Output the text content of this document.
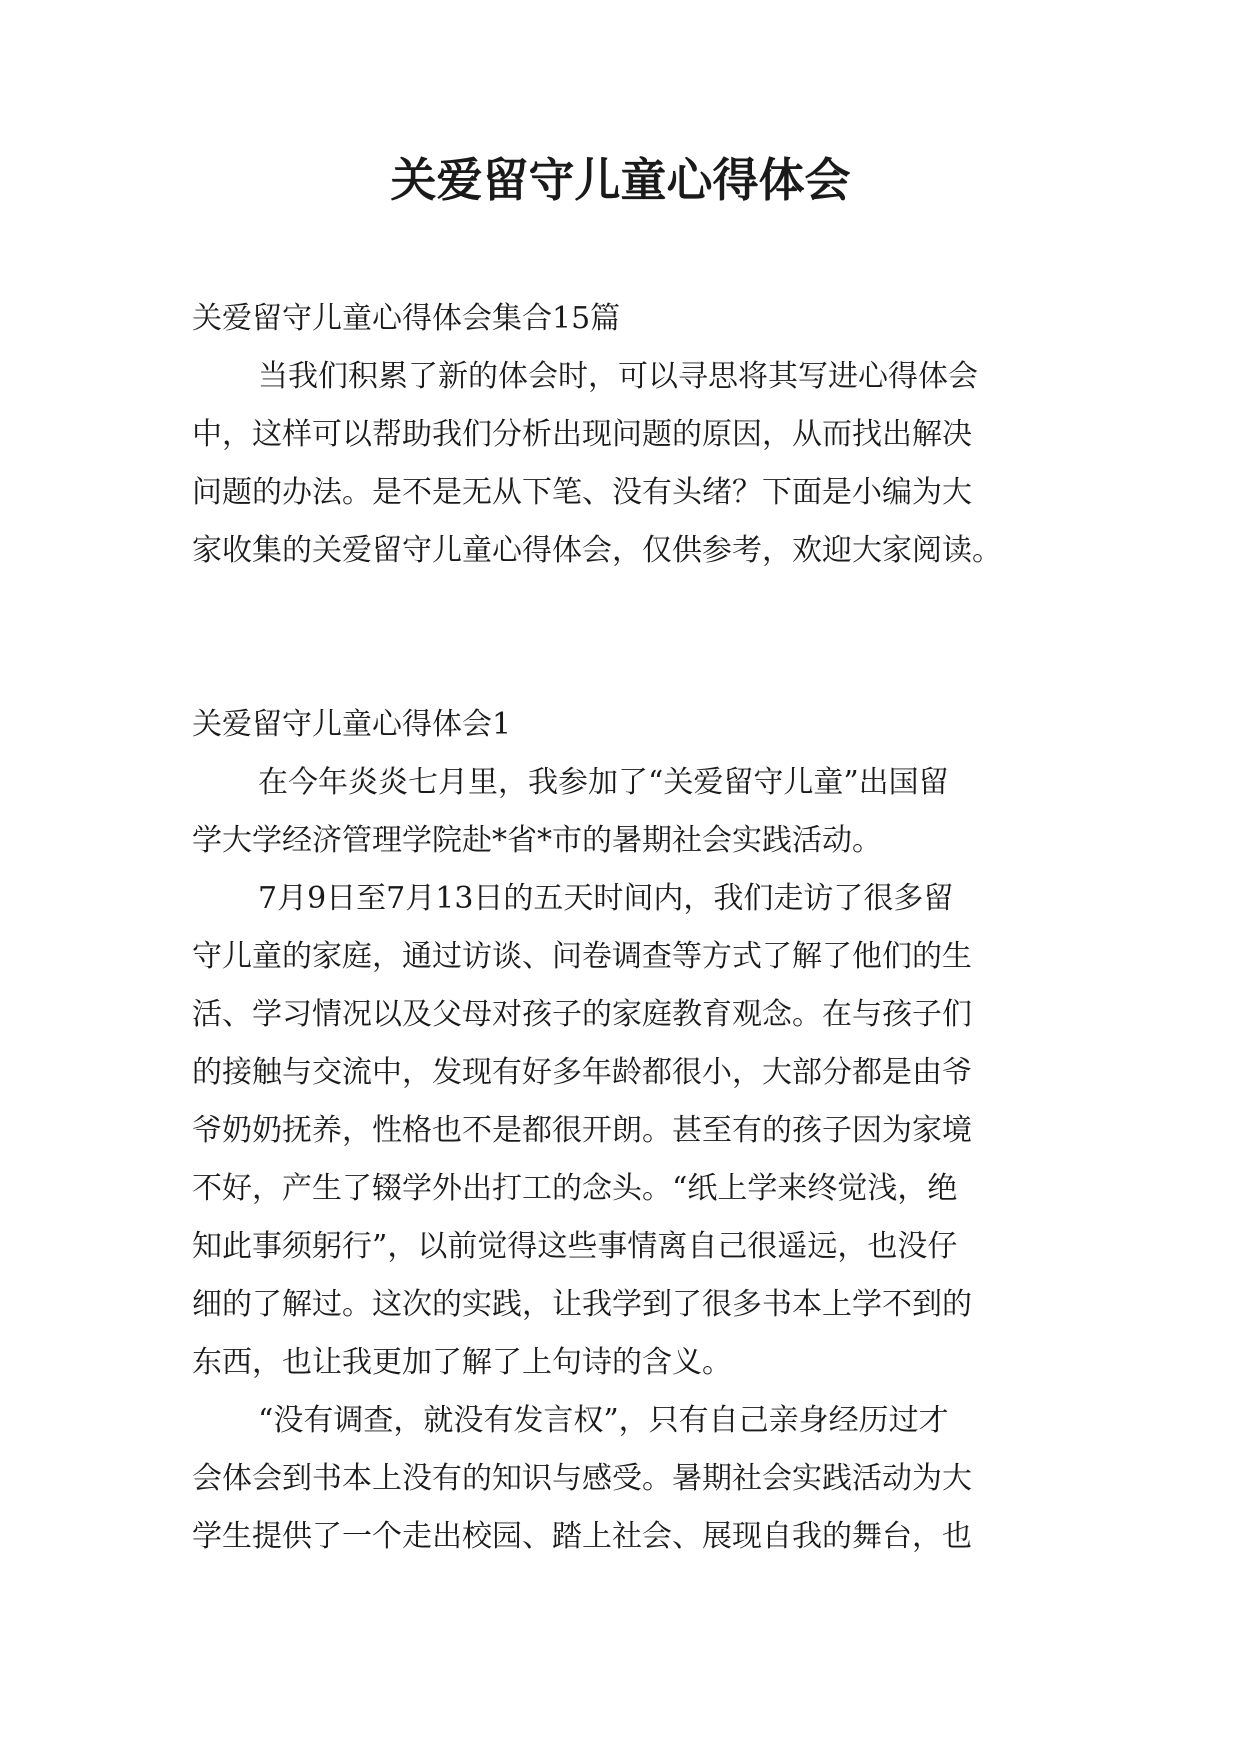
关爱留守儿童心得体会
关爱留守儿童心得体会集合15篇
当我们积累了新的体会时，可以寻思将其写进心得体会
中，这样可以帮助我们分析出现问题的原因，从而找出解决
问题的办法。是不是无从下笔、没有头绪？下面是小编为大
家收集的关爱留守儿童心得体会，仅供参考，欢迎大家阅读。
关爱留守儿童心得体会1
在今年炎炎七月里，我参加了“关爱留守儿童”出国留
学大学经济管理学院赴*省*市的暑期社会实践活动。
7月9日至7月13日的五天时间内，我们走访了很多留
守儿童的家庭，通过访谈、问卷调查等方式了解了他们的生
活、学习情况以及父母对孩子的家庭教育观念。在与孩子们
的接触与交流中，发现有好多年龄都很小，大部分都是由爷
爷奶奶抚养，性格也不是都很开朗。甚至有的孩子因为家境
不好，产生了辍学外出打工的念头。“纸上学来终觉浅，绝
知此事须躬行”，以前觉得这些事情离自己很遥远，也没仔
细的了解过。这次的实践，让我学到了很多书本上学不到的
东西，也让我更加了解了上句诗的含义。
“没有调查，就没有发言权”，只有自己亲身经历过才
会体会到书本上没有的知识与感受。暑期社会实践活动为大
学生提供了一个走出校园、踏上社会、展现自我的舞台，也
